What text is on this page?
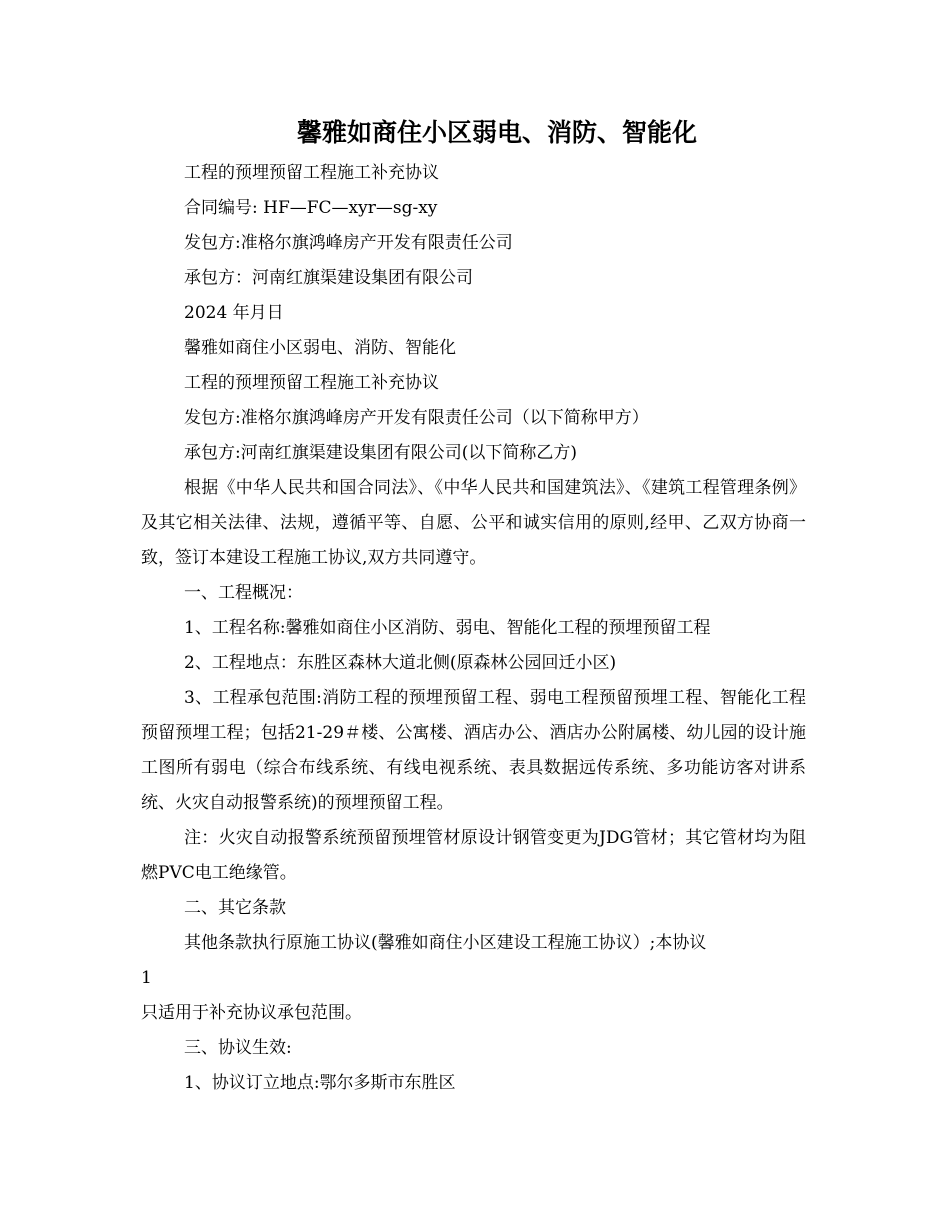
馨雅如商住小区弱电、消防、智能化

工程的预埋预留工程施工补充协议

合同编号: HF—FC—xyr—sg-xy

发包方:准格尔旗鸿峰房产开发有限责任公司

承包方：河南红旗渠建设集团有限公司

2024 年月日

馨雅如商住小区弱电、消防、智能化

工程的预埋预留工程施工补充协议

发包方:准格尔旗鸿峰房产开发有限责任公司（以下简称甲方）

承包方:河南红旗渠建设集团有限公司(以下简称乙方)

根据《中华人民共和国合同法》、《中华人民共和国建筑法》、《建筑工程管理条例》及其它相关法律、法规，遵循平等、自愿、公平和诚实信用的原则,经甲、乙双方协商一致，签订本建设工程施工协议,双方共同遵守。

一、工程概况：

1、工程名称:馨雅如商住小区消防、弱电、智能化工程的预埋预留工程

2、工程地点：东胜区森林大道北侧(原森林公园回迁小区)

3、工程承包范围:消防工程的预埋预留工程、弱电工程预留预埋工程、智能化工程预留预埋工程；包括21-29＃楼、公寓楼、酒店办公、酒店办公附属楼、幼儿园的设计施工图所有弱电（综合布线系统、有线电视系统、表具数据远传系统、多功能访客对讲系统、火灾自动报警系统)的预埋预留工程。

注：火灾自动报警系统预留预埋管材原设计钢管变更为JDG管材；其它管材均为阻燃PVC电工绝缘管。

二、其它条款

其他条款执行原施工协议(馨雅如商住小区建设工程施工协议）;本协议

1

只适用于补充协议承包范围。

三、协议生效:

1、协议订立地点:鄂尔多斯市东胜区
